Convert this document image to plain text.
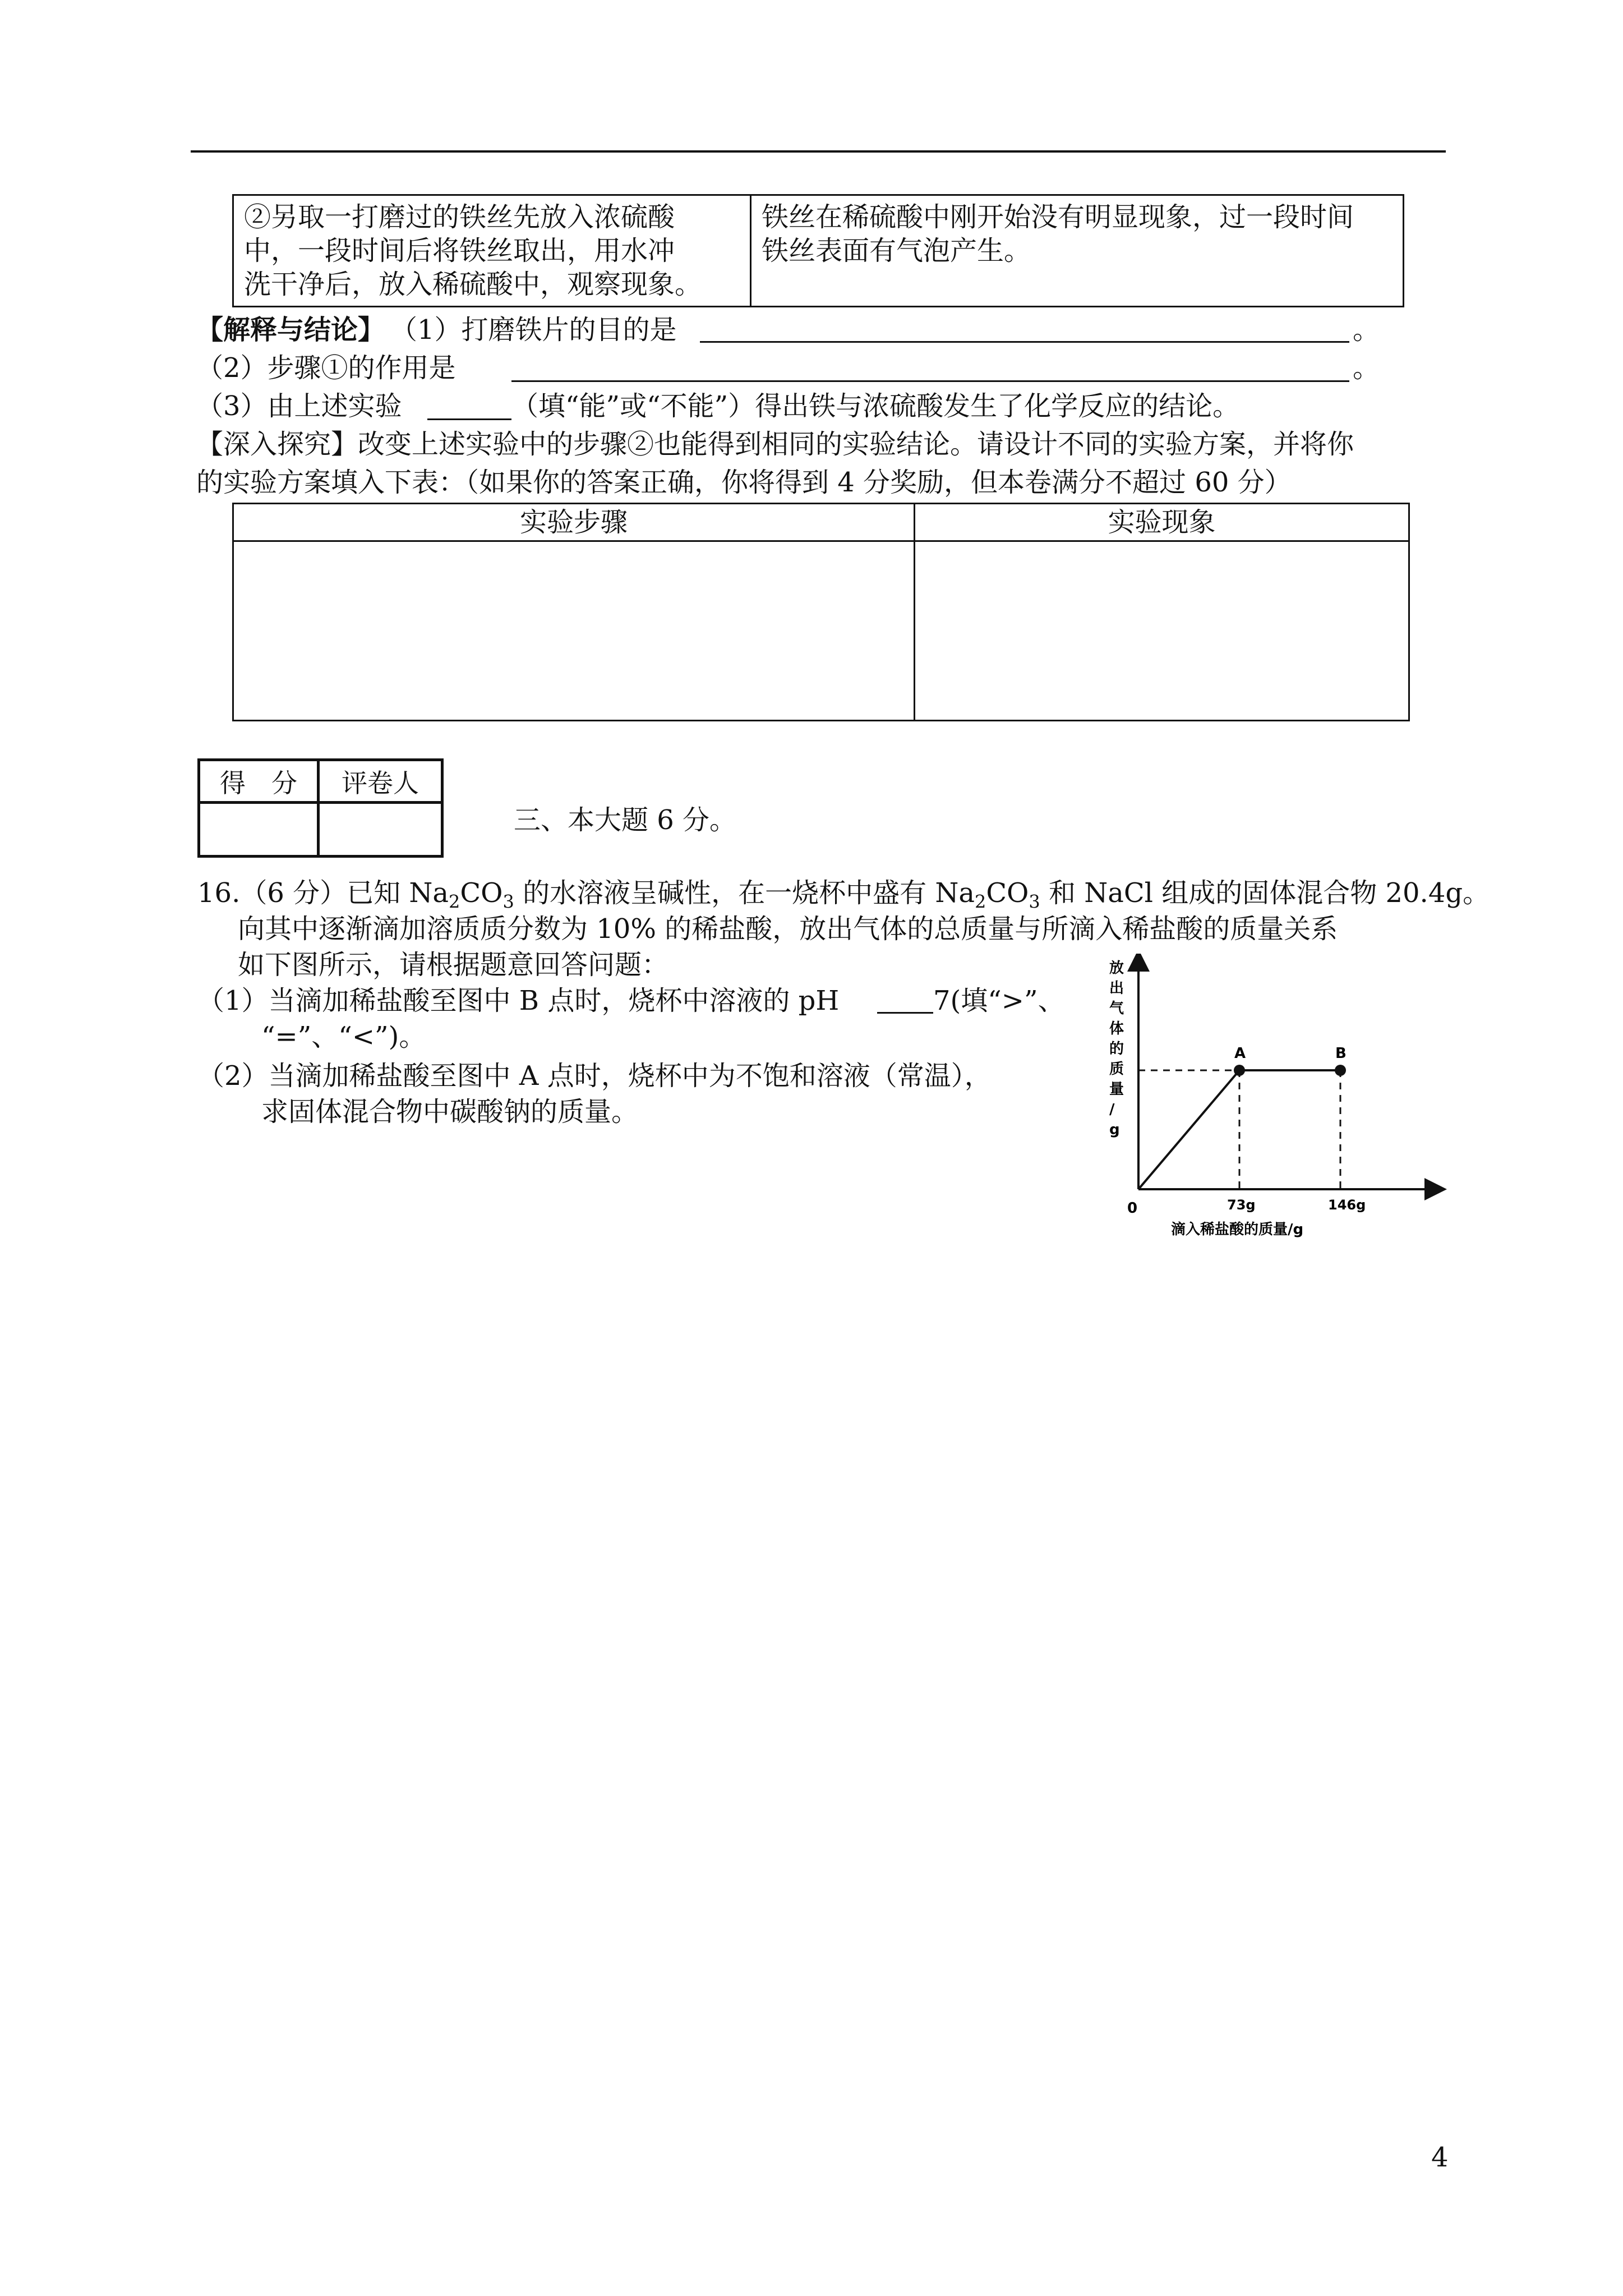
②另取一打磨过的铁丝先放入浓硫酸
中，一段时间后将铁丝取出，用水冲
洗干净后，放入稀硫酸中，观察现象。

铁丝在稀硫酸中刚开始没有明显现象，过一段时间
铁丝表面有气泡产生。
【解释与结论】 （1）打磨铁片的目的是	。
（2）步骤①的作用是	。
（3）由上述实验	（填“能”或“不能”）得出铁与浓硫酸发生了化学反应的结论。
【深入探究】改变上述实验中的步骤②也能得到相同的实验结论。请设计不同的实验方案，并将你
的实验方案填入下表：（如果你的答案正确，你将得到 4 分奖励，但本卷满分不超过 60 分）
实验步骤	实验现象

得　分	评卷人

三、本大题 6 分。
16.（6 分）已知 $Na_2CO_3$ 的水溶液呈碱性，在一烧杯中盛有 $Na_2CO_3$ 和 NaCl 组成的固体混合物 20.4g。
向其中逐渐滴加溶质质分数为 10% 的稀盐酸，放出气体的总质量与所滴入稀盐酸的质量关系
如下图所示，请根据题意回答问题：
（1）当滴加稀盐酸至图中 B 点时，烧杯中溶液的 pH	7(填“>”、
“=”、“<”)。
（2）当滴加稀盐酸至图中 A 点时，烧杯中为不饱和溶液（常温），
求固体混合物中碳酸钠的质量。
放
出
气
体
的
质
量
/
g
0
A
73g
B
146g
滴入稀盐酸的质量/g
4
